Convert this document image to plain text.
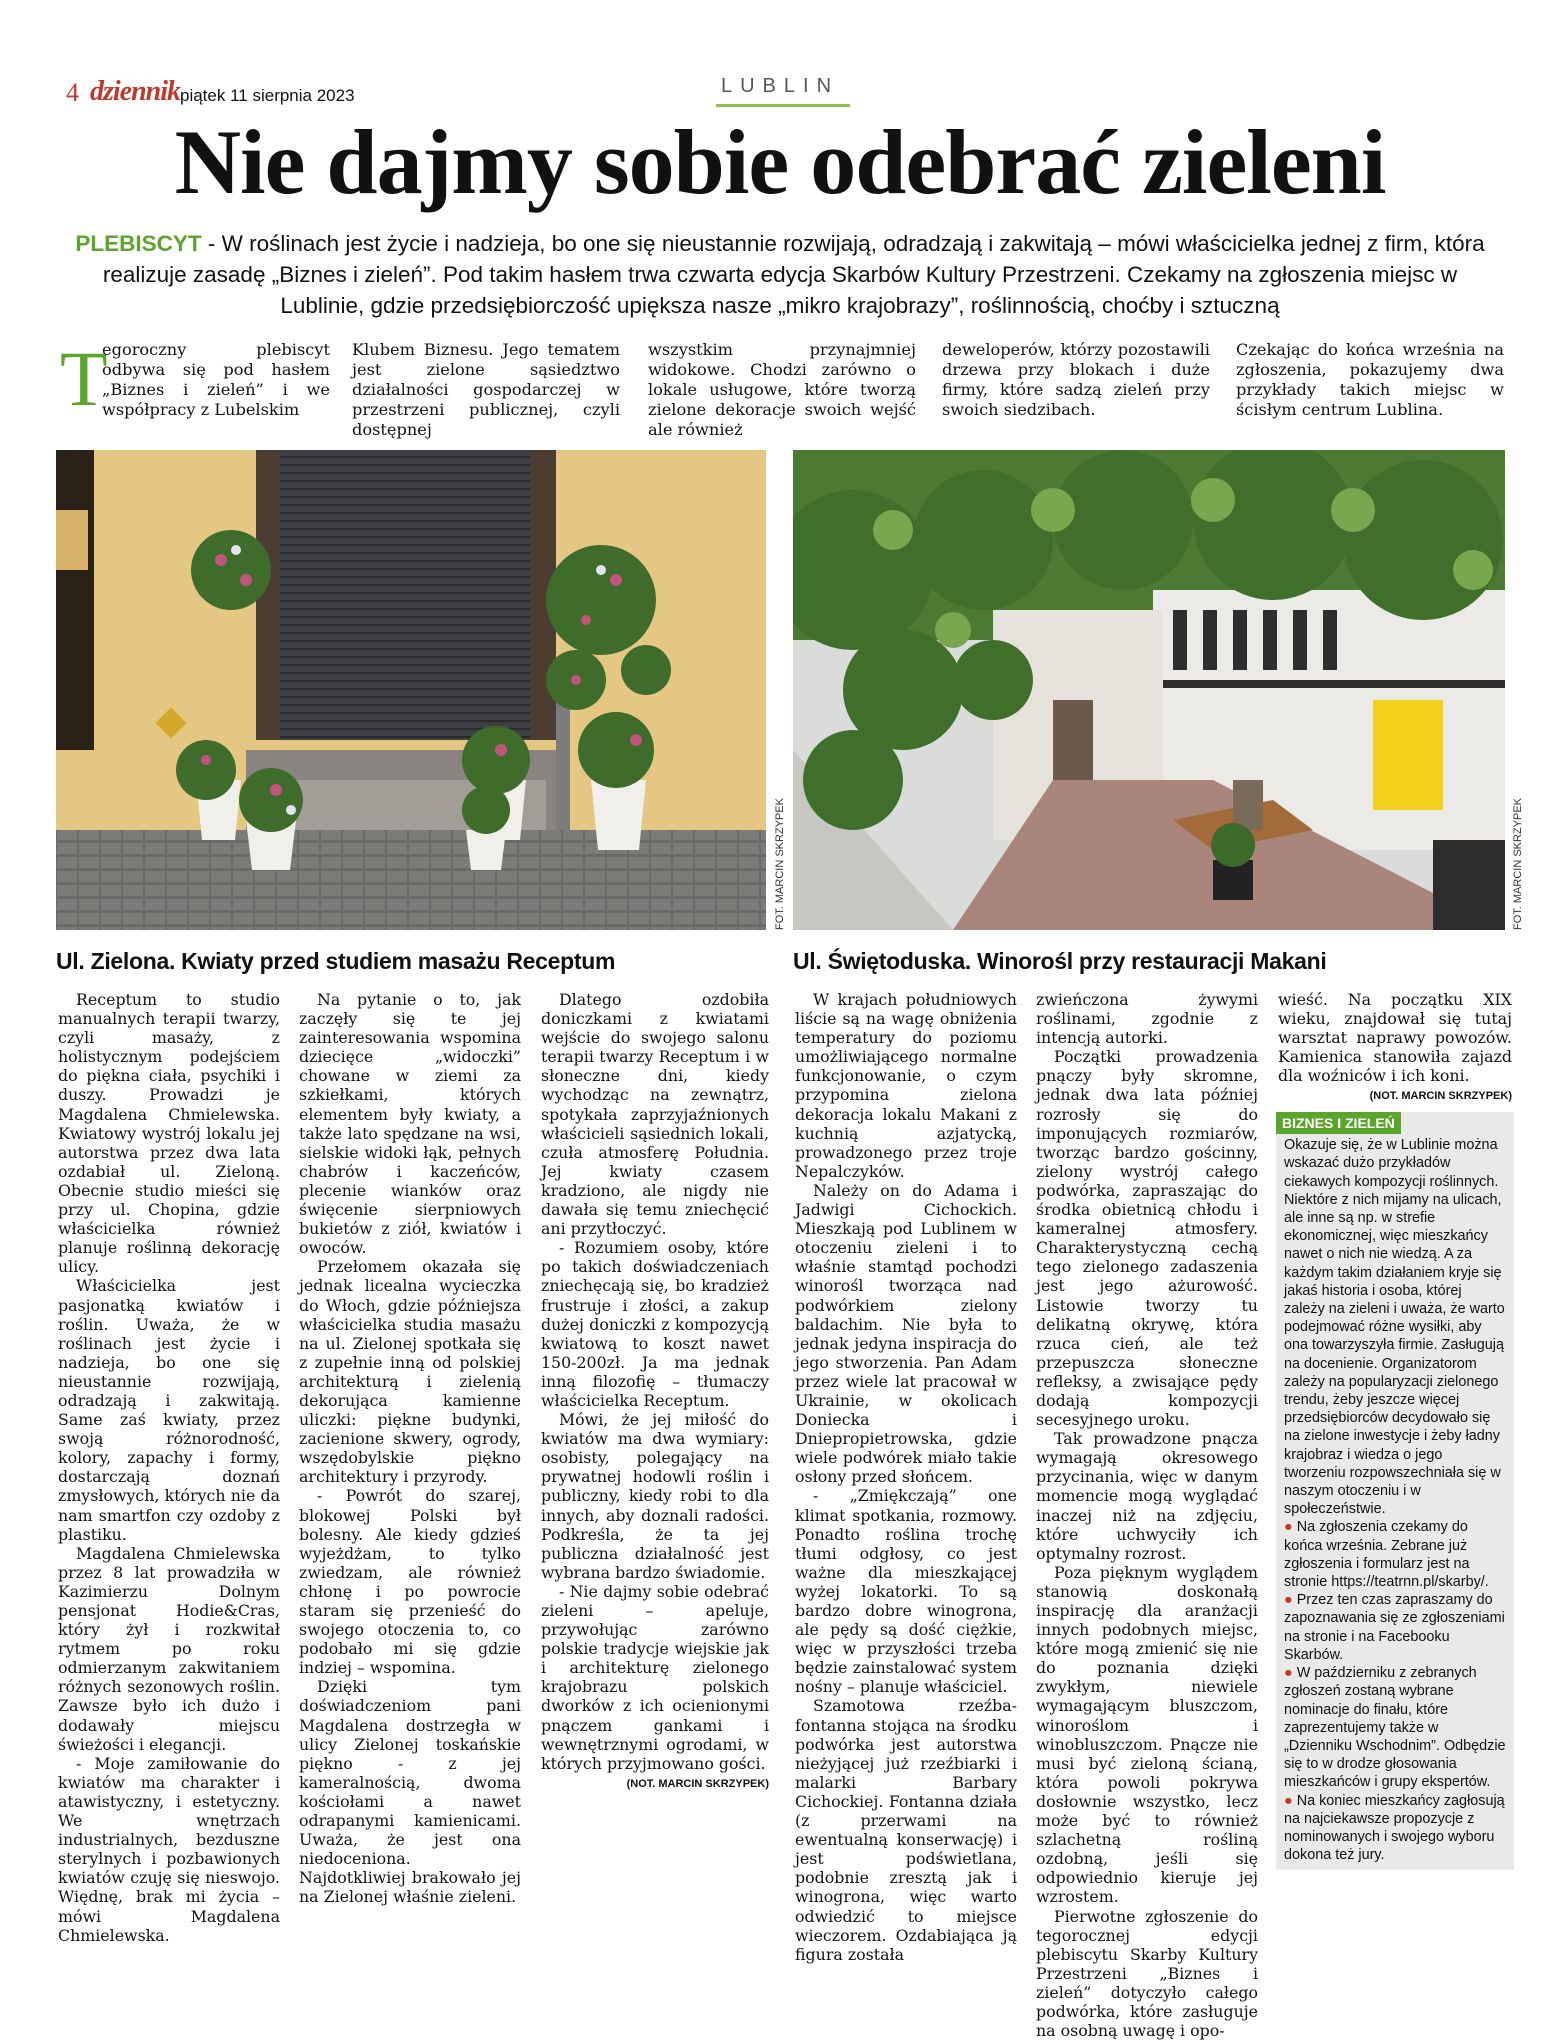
4 dziennik piątek 11 sierpnia 2023	LUBLIN
Nie dajmy sobie odebrać zieleni
PLEBISCYT - W roślinach jest życie i nadzieja, bo one się nieustannie rozwijają, odradzają i zakwitają – mówi właścicielka jednej z firm, która realizuje zasadę „Biznes i zieleń”. Pod takim hasłem trwa czwarta edycja Skarbów Kultury Przestrzeni. Czekamy na zgłoszenia miejsc w Lublinie, gdzie przedsiębiorczość upiększa nasze „mikro krajobrazy”, roślinnością, choćby i sztuczną
T
egoroczny plebiscyt odbywa się pod hasłem „Biznes i zieleń” i we współpracy z Lubelskim
Klubem Biznesu. Jego tematem jest zielone sąsiedztwo działalności gospodarczej w przestrzeni publicznej, czyli dostępnej
wszystkim przynajmniej widokowe. Chodzi zarówno o lokale usługowe, które tworzą zielone dekoracje swoich wejść ale również
deweloperów, którzy pozostawili drzewa przy blokach i duże firmy, które sadzą zieleń przy swoich siedzibach.
Czekając do końca września na zgłoszenia, pokazujemy dwa przykłady takich miejsc w ścisłym centrum Lublina.
FOT. MARCIN SKRZYPEK	FOT. MARCIN SKRZYPEK
Ul. Zielona. Kwiaty przed studiem masażu Receptum	Ul. Świętoduska. Winorośl przy restauracji Makani

Receptum to studio manualnych terapii twarzy, czyli masaży, z holistycznym podejściem do piękna ciała, psychiki i duszy. Prowadzi je Magdalena Chmielewska. Kwiatowy wystrój lokalu jej autorstwa przez dwa lata ozdabiał ul. Zieloną. Obecnie studio mieści się przy ul. Chopina, gdzie właścicielka również planuje roślinną dekorację ulicy.

Właścicielka jest pasjonatką kwiatów i roślin. Uważa, że w roślinach jest życie i nadzieja, bo one się nieustannie rozwijają, odradzają i zakwitają. Same zaś kwiaty, przez swoją różnorodność, kolory, zapachy i formy, dostarczają doznań zmysłowych, których nie da nam smartfon czy ozdoby z plastiku.

Magdalena Chmielewska przez 8 lat prowadziła w Kazimierzu Dolnym pensjonat Hodie&Cras, który żył i rozkwitał rytmem po roku odmierzanym zakwitaniem różnych sezonowych roślin. Zawsze było ich dużo i dodawały miejscu świeżości i elegancji.

- Moje zamiłowanie do kwiatów ma charakter i atawistyczny, i estetyczny. We wnętrzach industrialnych, bezduszne sterylnych i pozbawionych kwiatów czuję się nieswojo. Więdnę, brak mi życia – mówi Magdalena Chmielewska.

Na pytanie o to, jak zaczęły się te jej zainteresowania wspomina dziecięce „widoczki” chowane w ziemi za szkiełkami, których elementem były kwiaty, a także lato spędzane na wsi, sielskie widoki łąk, pełnych chabrów i kaczeńców, plecenie wianków oraz święcenie sierpniowych bukietów z ziół, kwiatów i owoców.

Przełomem okazała się jednak licealna wycieczka do Włoch, gdzie późniejsza właścicielka studia masażu na ul. Zielonej spotkała się z zupełnie inną od polskiej architekturą i zielenią dekorująca kamienne uliczki: piękne budynki, zacienione skwery, ogrody, wszędobylskie piękno architektury i przyrody.

- Powrót do szarej, blokowej Polski był bolesny. Ale kiedy gdzieś wyjeżdżam, to tylko zwiedzam, ale również chłonę i po powrocie staram się przenieść do swojego otoczenia to, co podobało mi się gdzie indziej – wspomina.

Dzięki tym doświadczeniom pani Magdalena dostrzegła w ulicy Zielonej toskańskie piękno - z jej kameralnością, dwoma kościołami a nawet odrapanymi kamienicami. Uważa, że jest ona niedoceniona. Najdotkliwiej brakowało jej na Zielonej właśnie zieleni.

Dlatego ozdobiła doniczkami z kwiatami wejście do swojego salonu terapii twarzy Receptum i w słoneczne dni, kiedy wychodząc na zewnątrz, spotykała zaprzyjaźnionych właścicieli sąsiednich lokali, czuła atmosferę Południa. Jej kwiaty czasem kradziono, ale nigdy nie dawała się temu zniechęcić ani przytłoczyć.

- Rozumiem osoby, które po takich doświadczeniach zniechęcają się, bo kradzież frustruje i złości, a zakup dużej doniczki z kompozycją kwiatową to koszt nawet 150-200zł. Ja ma jednak inną filozofię – tłumaczy właścicielka Receptum.

Mówi, że jej miłość do kwiatów ma dwa wymiary: osobisty, polegający na prywatnej hodowli roślin i publiczny, kiedy robi to dla innych, aby doznali radości. Podkreśla, że ta jej publiczna działalność jest wybrana bardzo świadomie.

- Nie dajmy sobie odebrać zieleni – apeluje, przywołując zarówno polskie tradycje wiejskie jak i architekturę zielonego krajobrazu polskich dworków z ich ocienionymi pnączem gankami i wewnętrznymi ogrodami, w których przyjmowano gości.

(NOT. MARCIN SKRZYPEK)

W krajach południowych liście są na wagę obniżenia temperatury do poziomu umożliwiającego normalne funkcjonowanie, o czym przypomina zielona dekoracja lokalu Makani z kuchnią azjatycką, prowadzonego przez troje Nepalczyków.

Należy on do Adama i Jadwigi Cichockich. Mieszkają pod Lublinem w otoczeniu zieleni i to właśnie stamtąd pochodzi winorośl tworząca nad podwórkiem zielony baldachim. Nie była to jednak jedyna inspiracja do jego stworzenia. Pan Adam przez wiele lat pracował w Ukrainie, w okolicach Doniecka i Dniepropietrowska, gdzie wiele podwórek miało takie osłony przed słońcem.

- „Zmiękczają” one klimat spotkania, rozmowy. Ponadto roślina trochę tłumi odgłosy, co jest ważne dla mieszkającej wyżej lokatorki. To są bardzo dobre winogrona, ale pędy są dość ciężkie, więc w przyszłości trzeba będzie zainstalować system nośny – planuje właściciel.

Szamotowa rzeźba-fontanna stojąca na środku podwórka jest autorstwa nieżyjącej już rzeźbiarki i malarki Barbary Cichockiej. Fontanna działa (z przerwami na ewentualną konserwację) i jest podświetlana, podobnie zresztą jak i winogrona, więc warto odwiedzić to miejsce wieczorem. Ozdabiająca ją figura została

zwieńczona żywymi roślinami, zgodnie z intencją autorki.

Początki prowadzenia pnączy były skromne, jednak dwa lata później rozrosły się do imponujących rozmiarów, tworząc bardzo gościnny, zielony wystrój całego podwórka, zapraszając do środka obietnicą chłodu i kameralnej atmosfery. Charakterystyczną cechą tego zielonego zadaszenia jest jego ażurowość. Listowie tworzy tu delikatną okrywę, która rzuca cień, ale też przepuszcza słoneczne refleksy, a zwisające pędy dodają kompozycji secesyjnego uroku.

Tak prowadzone pnącza wymagają okresowego przycinania, więc w danym momencie mogą wyglądać inaczej niż na zdjęciu, które uchwyciły ich optymalny rozrost.

Poza pięknym wyglądem stanowią doskonałą inspirację dla aranżacji innych podobnych miejsc, które mogą zmienić się nie do poznania dzięki zwykłym, niewiele wymagającym bluszczom, winoroślom i winobluszczom. Pnącze nie musi być zieloną ścianą, która powoli pokrywa dosłownie wszystko, lecz może być to również szlachetną rośliną ozdobną, jeśli się odpowiednio kieruje jej wzrostem.

Pierwotne zgłoszenie do tegorocznej edycji plebiscytu Skarby Kultury Przestrzeni „Biznes i zieleń” dotyczyło całego podwórka, które zasługuje na osobną uwagę i opo-

wieść. Na początku XIX wieku, znajdował się tutaj warsztat naprawy powozów. Kamienica stanowiła zajazd dla woźniców i ich koni.

(NOT. MARCIN SKRZYPEK)
BIZNES I ZIELEŃ

Okazuje się, że w Lublinie można wskazać dużo przykładów ciekawych kompozycji roślinnych. Niektóre z nich mijamy na ulicach, ale inne są np. w strefie ekonomicznej, więc mieszkańcy nawet o nich nie wiedzą. A za każdym takim działaniem kryje się jakaś historia i osoba, której zależy na zieleni i uważa, że warto podejmować różne wysiłki, aby ona towarzyszyła firmie. Zasługują na docenienie. Organizatorom zależy na popularyzacji zielonego trendu, żeby jeszcze więcej przedsiębiorców decydowało się na zielone inwestycje i żeby ładny krajobraz i wiedza o jego tworzeniu rozpowszechniała się w naszym otoczeniu i w społeczeństwie.

● Na zgłoszenia czekamy do końca września. Zebrane już zgłoszenia i formularz jest na stronie https://teatrnn.pl/skarby/.

● Przez ten czas zapraszamy do zapoznawania się ze zgłoszeniami na stronie i na Facebooku Skarbów.

● W październiku z zebranych zgłoszeń zostaną wybrane nominacje do finału, które zaprezentujemy także w „Dzienniku Wschodnim”. Odbędzie się to w drodze głosowania mieszkańców i grupy ekspertów.

● Na koniec mieszkańcy zagłosują na najciekawsze propozycje z nominowanych i swojego wyboru dokona też jury.
